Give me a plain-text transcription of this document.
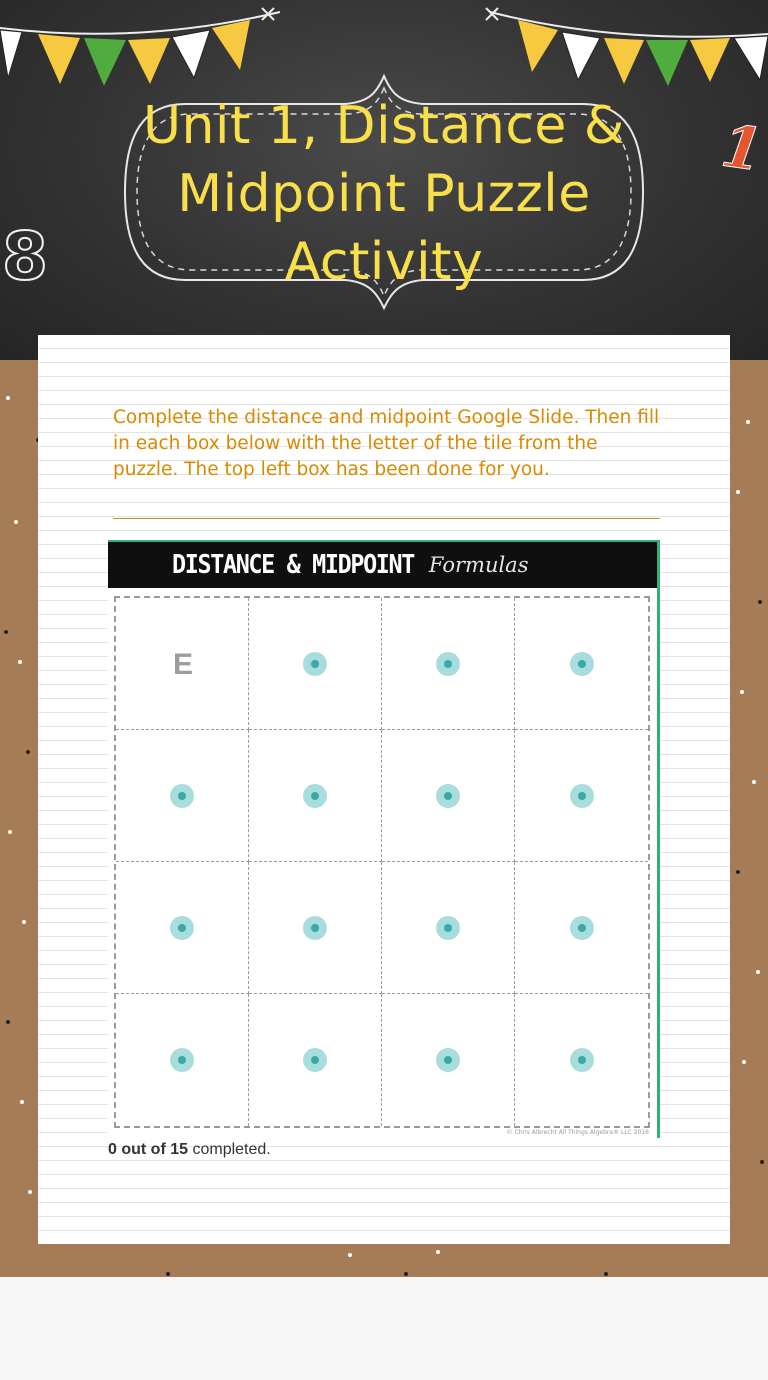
Unit 1, Distance & Midpoint Puzzle Activity
1
8

Complete the distance and midpoint Google Slide. Then fill in each box below with the letter of the tile from the puzzle. The top left box has been done for you.

DISTANCE & MIDPOINT Formulas
E
© Chris Albrecht All Things Algebra® LLC 2016
0 out of 15 completed.
